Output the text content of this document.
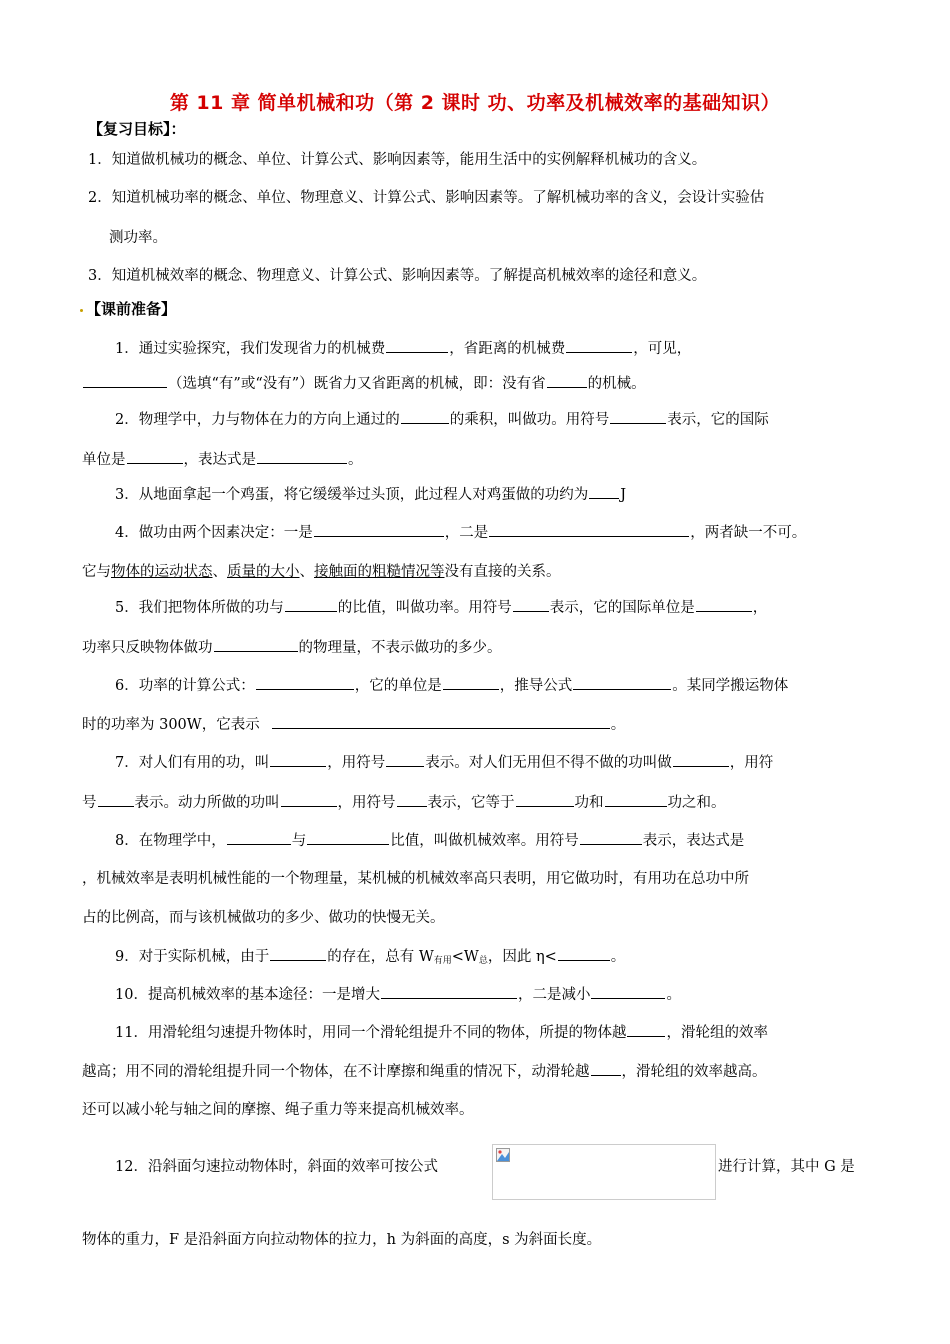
第 11 章 简单机械和功（第 2 课时 功、功率及机械效率的基础知识）
【复习目标】：
1．知道做机械功的概念、单位、计算公式、影响因素等，能用生活中的实例解释机械功的含义。
2．知道机械功率的概念、单位、物理意义、计算公式、影响因素等。了解机械功率的含义，会设计实验估
测功率。
3．知道机械效率的概念、物理意义、计算公式、影响因素等。了解提高机械效率的途径和意义。
【课前准备】
1．通过实验探究，我们发现省力的机械费	，省距离的机械费	，可见，
（选填“有”或“没有”）既省力又省距离的机械，即：没有省	的机械。
2．物理学中，力与物体在力的方向上通过的	的乘积，叫做功。用符号	表示，它的国际
单位是	，表达式是	。
3．从地面拿起一个鸡蛋，将它缓缓举过头顶，此过程人对鸡蛋做的功约为 J
4．做功由两个因素决定：一是	，二是	，两者缺一不可。
它与物体的运动状态、质量的大小、接触面的粗糙情况等没有直接的关系。
5．我们把物体所做的功与	的比值，叫做功率。用符号	表示，它的国际单位是	，
功率只反映物体做功	的物理量，不表示做功的多少。
6．功率的计算公式：	，它的单位是	，推导公式	。某同学搬运物体
时的功率为 300W，它表示	。
7．对人们有用的功，叫	，用符号	表示。对人们无用但不得不做的功叫做	，用符
号	表示。动力所做的功叫	，用符号 表示，它等于	功和	功之和。
8．在物理学中，	与	比值，叫做机械效率。用符号	表示，表达式是
，机械效率是表明机械性能的一个物理量，某机械的机械效率高只表明，用它做功时，有用功在总功中所
占的比例高，而与该机械做功的多少、做功的快慢无关。
9．对于实际机械，由于	的存在，总有 $W_{有用}<W_总$，因此 η<	。
10．提高机械效率的基本途径：一是增大	，二是减小	。
11．用滑轮组匀速提升物体时，用同一个滑轮组提升不同的物体，所提的物体越	，滑轮组的效率
越高；用不同的滑轮组提升同一个物体，在不计摩擦和绳重的情况下，动滑轮越 ，滑轮组的效率越高。
还可以减小轮与轴之间的摩擦、绳子重力等来提高机械效率。
12．沿斜面匀速拉动物体时，斜面的效率可按公式	进行计算，其中 G 是
物体的重力，F 是沿斜面方向拉动物体的拉力，h 为斜面的高度，s 为斜面长度。
